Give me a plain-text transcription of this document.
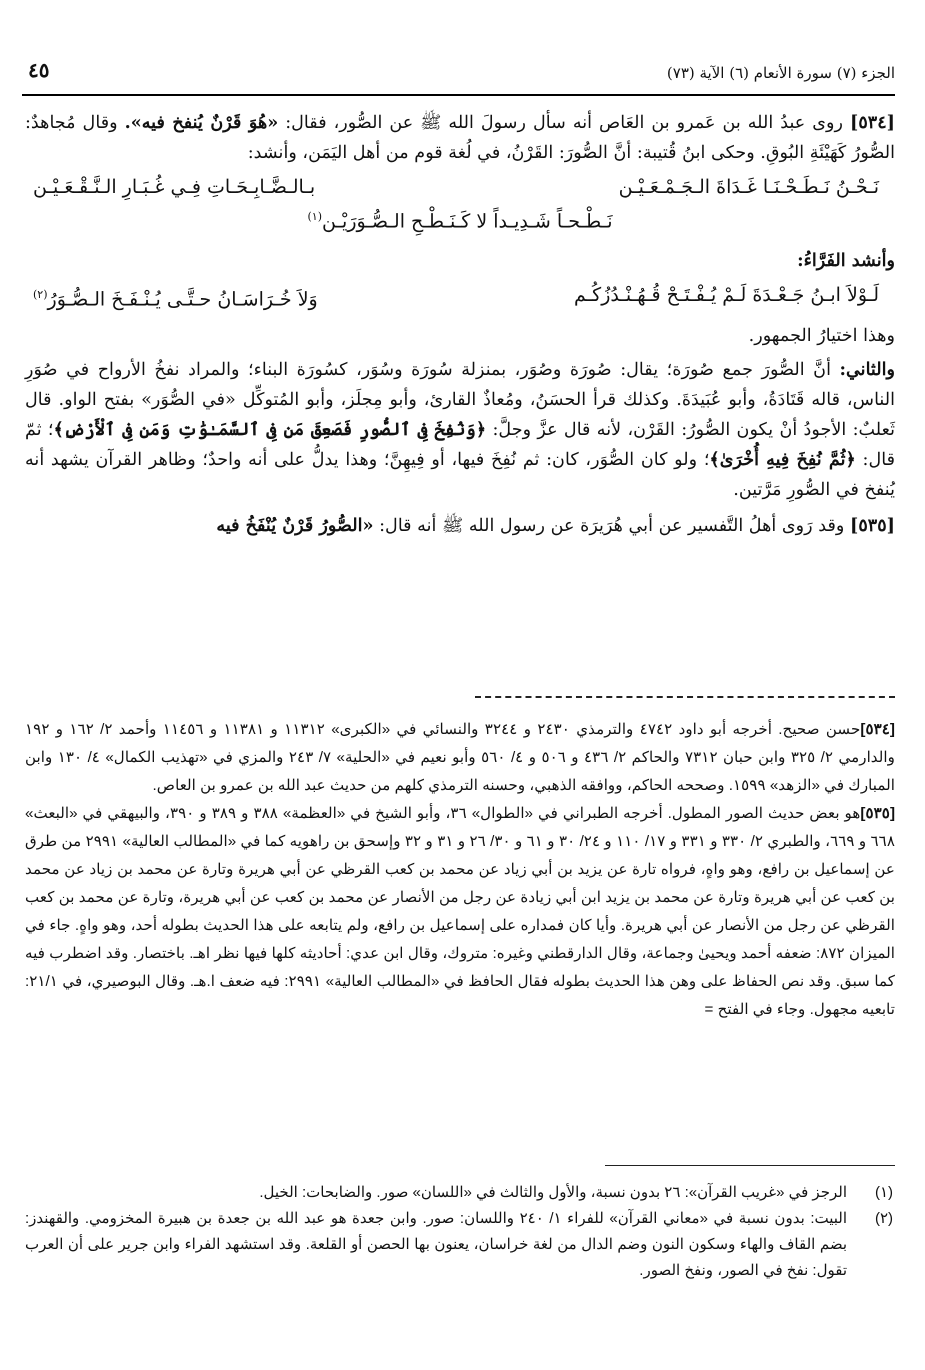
الجزء (٧) سورة الأنعام (٦) الآية (٧٣)
٤٥

[٥٣٤] روى عبدُ الله بن عَمرو بن العَاص أنه سأل رسولَ الله ﷺ عن الصُّور، فقال: «هُوَ قَرْنٌ يُنفخ فيه». وقال مُجاهدٌ: الصُّورُ كَهَيْئَةِ البُوقِ. وحكى ابنُ قُتيبة: أنَّ الصُّورَ: القَرْنُ، في لُغة قوم من أهل اليَمَن، وأنشد:

نَـحْـنُ نَـطَـحْـنَـا غَـدَاةَ الـجَـمْـعَـيْـن
بـالـضَّـابِـحَـاتِ فِـي غُـبَـارِ الـنَّـقْـعَـيْـن
نَـطْـحـاً شَـدِيـداً لا كَـنَـطْـحِ الـصُّـوَرَيْـن$^{(١)}$

وأنشد الفَرَّاءُ:

لَـوْلاَ ابـنُ جَـعْـدَةَ لَـمْ يُـفْـتَـحْ قُـهُـنْـدُزُكُـم
وَلاَ خُـرَاسَـانُ حـتَّـى يُـنْـفَـخَ الـصُّـوَرُ$^{(٢)}$

وهذا اختيارُ الجمهور.

والثاني: أنَّ الصُّورَ جمع صُورَة؛ يقال: صُورَة وصُوَر، بمنزلة سُورَة وسُوَر، كسُورَة البناء؛ والمراد نفخُ الأرواح في صُوَرِ الناس، قاله قَتَادَةُ، وأبو عُبَيدَةَ. وكذلك قرأ الحسَنُ، ومُعاذٌ القارئ، وأبو مِجلَز، وأبو المُتوكِّل «في الصُّوَر» بفتح الواو. قال ثَعلبٌ: الأجودُ أنْ يكون الصُّورُ: القَرْن، لأنه قال عزَّ وجلَّ: ﴿وَنُفِخَ فِى ٱلصُّورِ فَصَعِقَ مَن فِى ٱلسَّمَـٰوَٰتِ وَمَن فِى ٱلْأَرْضِ﴾؛ ثمّ قال: ﴿ثُمَّ نُفِخَ فِيهِ أُخْرَىٰ﴾؛ ولو كان الصُّوَر، كان: ثم نُفِخَ فيها، أو فِيهِنَّ؛ وهذا يدلُّ على أنه واحدٌ؛ وظاهر القرآن يشهد أنه يُنفخ في الصُّورِ مَرَّتين.

[٥٣٥] وقد رَوى أهلُ التَّفسير عن أبي هُرَيرَة عن رسول الله ﷺ أنه قال: «الصُّورُ قَرْنٌ يُنْفَخُ فيه

[٥٣٤]حسن صحيح. أخرجه أبو داود ٤٧٤٢ والترمذي ٢٤٣٠ و ٣٢٤٤ والنسائي في «الكبرى» ١١٣١٢ و ١١٣٨١ و ١١٤٥٦ وأحمد ٢/ ١٦٢ و ١٩٢ والدارمي ٢/ ٣٢٥ وابن حبان ٧٣١٢ والحاكم ٢/ ٤٣٦ و ٥٠٦ و ٤/ ٥٦٠ وأبو نعيم في «الحلية» ٧/ ٢٤٣ والمزي في «تهذيب الكمال» ٤/ ١٣٠ وابن المبارك في «الزهد» ١٥٩٩. وصححه الحاكم، ووافقه الذهبي، وحسنه الترمذي كلهم من حديث عبد الله بن عمرو بن العاص.

[٥٣٥]هو بعض حديث الصور المطول. أخرجه الطبراني في «الطوال» ٣٦، وأبو الشيخ في «العظمة» ٣٨٨ و ٣٨٩ و ٣٩٠، والبيهقي في «البعث» ٦٦٨ و ٦٦٩، والطبري ٢/ ٣٣٠ و ٣٣١ و ١٧/ ١١٠ و ٢٤/ ٣٠ و ٦١ و ٣٠/ ٢٦ و ٣١ و ٣٢ وإسحق بن راهويه كما في «المطالب العالية» ٢٩٩١ من طرق عن إسماعيل بن رافع، وهو واهٍ، فرواه تارة عن يزيد بن أبي زياد عن محمد بن كعب القرظي عن أبي هريرة وتارة عن محمد بن زياد عن محمد بن كعب عن أبي هريرة وتارة عن محمد بن يزيد ابن أبي زيادة عن رجل من الأنصار عن محمد بن كعب عن أبي هريرة، وتارة عن محمد بن كعب القرظي عن رجل من الأنصار عن أبي هريرة. وأيا كان فمداره على إسماعيل بن رافع، ولم يتابعه على هذا الحديث بطوله أحد، وهو واهٍ. جاء في الميزان ٨٧٢: ضعفه أحمد ويحيىٰ وجماعة، وقال الدارقطني وغيره: متروك، وقال ابن عدي: أحاديثه كلها فيها نظر اهـ. باختصار. وقد اضطرب فيه كما سبق. وقد نص الحفاظ على وهن هذا الحديث بطوله فقال الحافظ في «المطالب العالية» ٢٩٩١: فيه ضعف ا.هـ. وقال البوصيري، في ٢١/١: تابعيه مجهول. وجاء في الفتح =

(١)
الرجز في «غريب القرآن»: ٢٦ بدون نسبة، والأول والثالث في «اللسان» صور. والضابحات: الخيل.
(٢)
البيت: بدون نسبة في «معاني القرآن» للفراء ١/ ٢٤٠ واللسان: صور. وابن جعدة هو عبد الله بن جعدة بن هبيرة المخزومي. والقهندز: بضم القاف والهاء وسكون النون وضم الدال من لغة خراسان، يعنون بها الحصن أو القلعة. وقد استشهد الفراء وابن جرير على أن العرب تقول: نفخ في الصور، ونفخ الصور.
